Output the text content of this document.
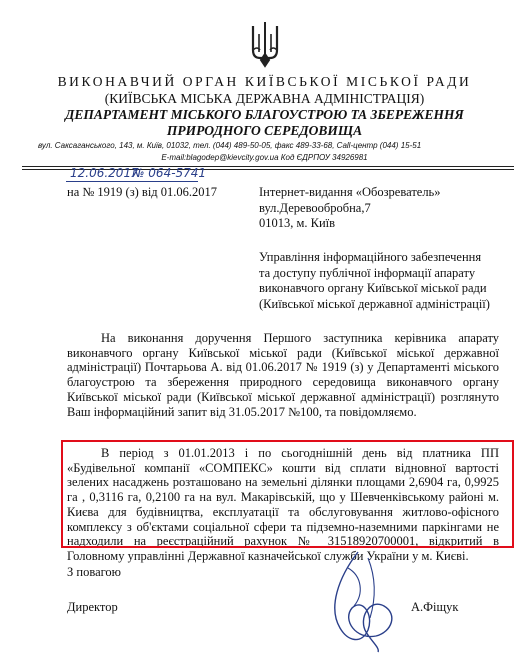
ВИКОНАВЧИЙ ОРГАН КИЇВСЬКОЇ МІСЬКОЇ РАДИ
(КИЇВСЬКА МІСЬКА ДЕРЖАВНА АДМІНІСТРАЦІЯ)
ДЕПАРТАМЕНТ МІСЬКОГО БЛАГОУСТРОЮ ТА ЗБЕРЕЖЕННЯ ПРИРОДНОГО СЕРЕДОВИЩА
вул. Саксаганського, 143, м. Київ, 01032, тел. (044) 489-50-05, факс 489-33-68, Call-центр (044) 15-51
E-mail:blagodep@kievcity.gov.ua Код ЄДРПОУ 34926981
12.06.2017
№ 064-5741
на № 1919 (з) від 01.06.2017	Інтернет-видання «Обозреватель»
вул.Деревообробна,7
01013, м. Київ
Управління інформаційного забезпечення
та доступу публічної інформації апарату
виконавчого органу Київської міської ради
(Київської міської державної адміністрації)
На виконання доручення Першого заступника керівника апарату виконавчого органу Київської міської ради (Київської міської державної адміністрації) Почтарьова А. від 01.06.2017 № 1919 (з) у Департаменті міського благоустрою та збереження природного середовища виконавчого органу Київської міської ради (Київської міської державної адміністрації) розглянуто Ваш інформаційний запит від 31.05.2017 №100, та повідомляємо.
В період з 01.01.2013 і по сьогоднішній день від платника ПП «Будівельної компанії «СОМПЕКС» кошти від сплати відновної вартості зелених насаджень розташовано на земельні ділянки площами 2,6904 га, 0,9925 га , 0,3116 га, 0,2100 га на вул. Макарівській, що у Шевченківському районі м. Києва для будівництва, експлуатації та обслуговування житлово-офісного комплексу з об'єктами соціальної сфери та підземно-наземними паркінгами не надходили на реєстраційний рахунок № 31518920700001, відкритий в Головному управлінні Державної казначейської служби України у м. Києві.
З повагою
Директор	А.Фіщук
